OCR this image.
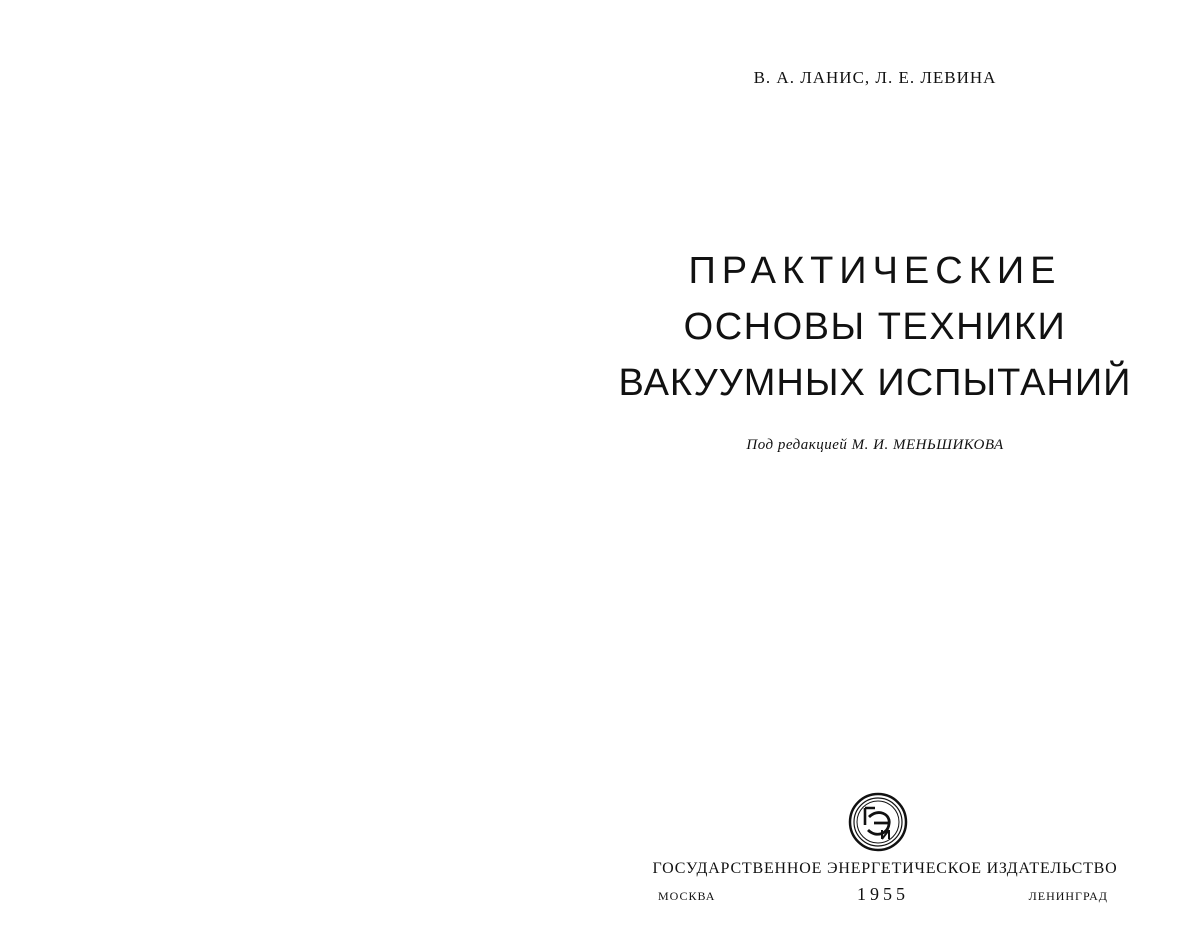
В. А. ЛАНИС, Л. Е. ЛЕВИНА
ПРАКТИЧЕСКИЕ
ОСНОВЫ ТЕХНИКИ
ВАКУУМНЫХ ИСПЫТАНИЙ
Под редакцией М. И. МЕНЬШИКОВА
ГОСУДАРСТВЕННОЕ ЭНЕРГЕТИЧЕСКОЕ ИЗДАТЕЛЬСТВО
МОСКВА	1955	ЛЕНИНГРАД
